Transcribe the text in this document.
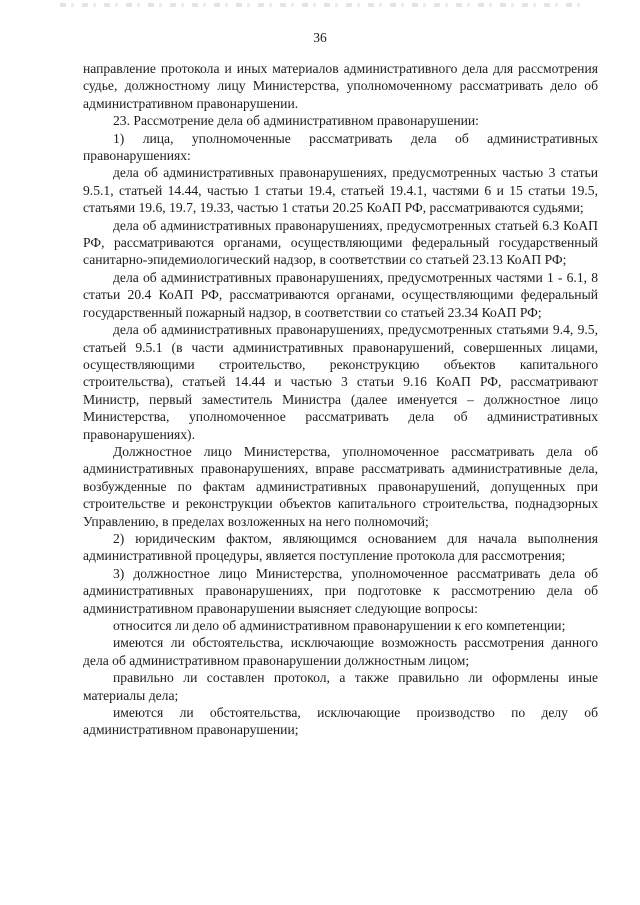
36

направление протокола и иных материалов административного дела для рассмотрения судье, должностному лицу Министерства, уполномоченному рассматривать дело об административном правонарушении.

23. Рассмотрение дела об административном правонарушении:

1) лица, уполномоченные рассматривать дела об административных правонарушениях:

дела об административных правонарушениях, предусмотренных частью 3 статьи 9.5.1, статьей 14.44, частью 1 статьи 19.4, статьей 19.4.1, частями 6 и 15 статьи 19.5, статьями 19.6, 19.7, 19.33, частью 1 статьи 20.25 КоАП РФ, рассматриваются судьями;

дела об административных правонарушениях, предусмотренных статьей 6.3 КоАП РФ, рассматриваются органами, осуществляющими федеральный государственный санитарно-эпидемиологический надзор, в соответствии со статьей 23.13 КоАП РФ;

дела об административных правонарушениях, предусмотренных частями 1 - 6.1, 8 статьи 20.4 КоАП РФ, рассматриваются органами, осуществляющими федеральный государственный пожарный надзор, в соответствии со статьей 23.34 КоАП РФ;

дела об административных правонарушениях, предусмотренных статьями 9.4, 9.5, статьей 9.5.1 (в части административных правонарушений, совершенных лицами, осуществляющими строительство, реконструкцию объектов капитального строительства), статьей 14.44 и частью 3 статьи 9.16 КоАП РФ, рассматривают Министр, первый заместитель Министра (далее именуется – должностное лицо Министерства, уполномоченное рассматривать дела об административных правонарушениях).

Должностное лицо Министерства, уполномоченное рассматривать дела об административных правонарушениях, вправе рассматривать административные дела, возбужденные по фактам административных правонарушений, допущенных при строительстве и реконструкции объектов капитального строительства, поднадзорных Управлению, в пределах возложенных на него полномочий;

2) юридическим фактом, являющимся основанием для начала выполнения административной процедуры, является поступление протокола для рассмотрения;

3) должностное лицо Министерства, уполномоченное рассматривать дела об административных правонарушениях, при подготовке к рассмотрению дела об административном правонарушении выясняет следующие вопросы:

относится ли дело об административном правонарушении к его компетенции;

имеются ли обстоятельства, исключающие возможность рассмотрения данного дела об административном правонарушении должностным лицом;

правильно ли составлен протокол, а также правильно ли оформлены иные материалы дела;

имеются ли обстоятельства, исключающие производство по делу об административном правонарушении;
